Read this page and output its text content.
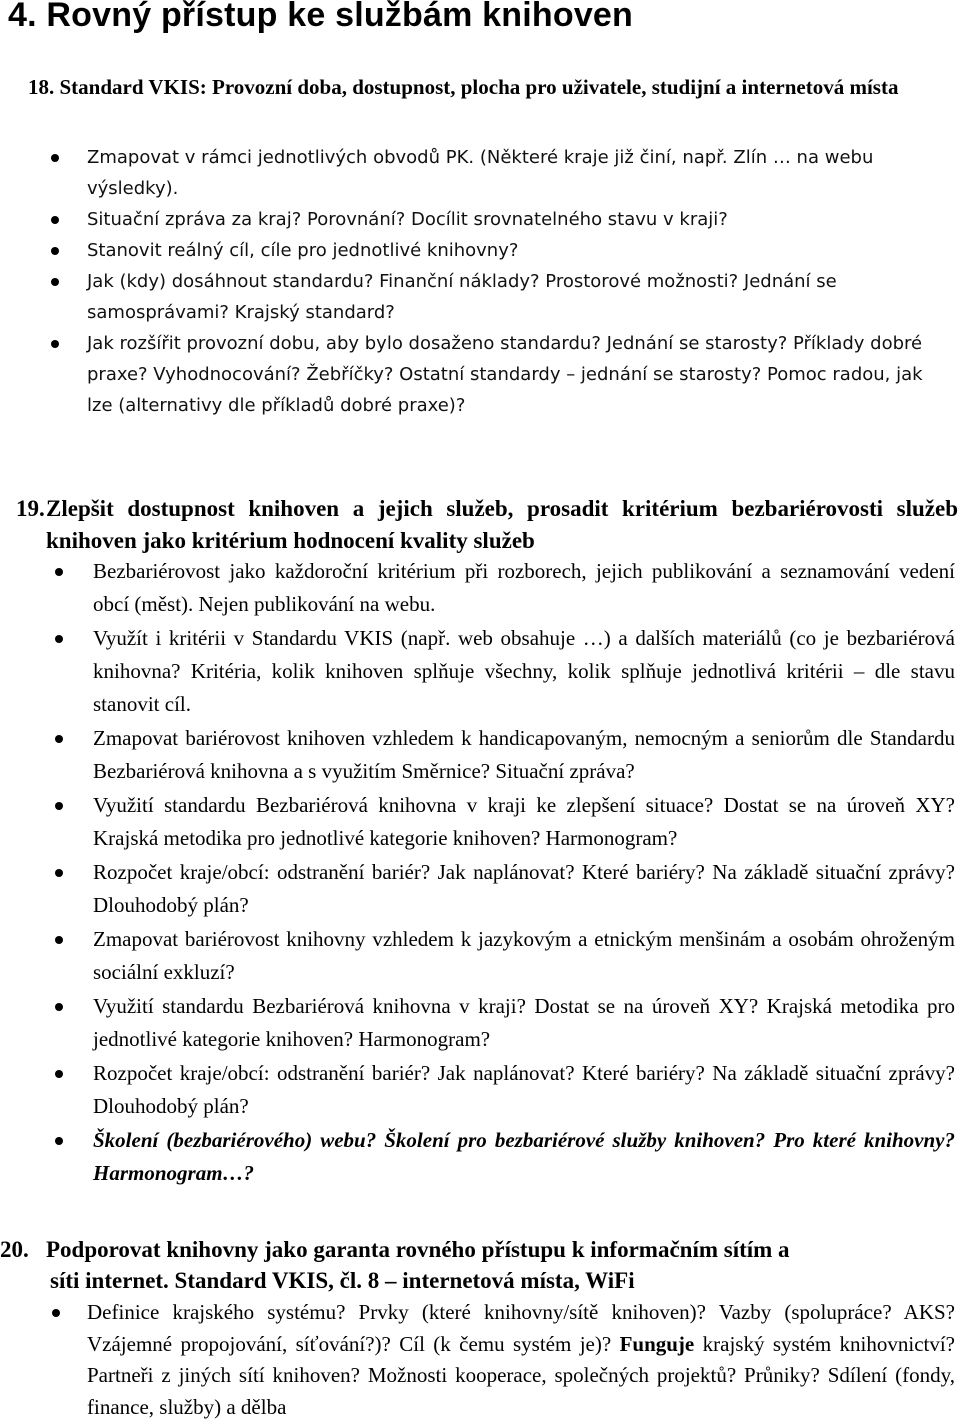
4. Rovný přístup ke službám knihoven

18. Standard VKIS: Provozní doba, dostupnost, plocha pro uživatele, studijní a internetová místa

Zmapovat v rámci jednotlivých obvodů PK. (Některé kraje již činí, např. Zlín … na webu výsledky).
Situační zpráva za kraj? Porovnání? Docílit srovnatelného stavu v kraji?
Stanovit reálný cíl, cíle pro jednotlivé knihovny?
Jak (kdy) dosáhnout standardu? Finanční náklady? Prostorové možnosti? Jednání se samosprávami? Krajský standard?
Jak rozšířit provozní dobu, aby bylo dosaženo standardu? Jednání se starosty? Příklady dobré praxe? Vyhodnocování? Žebříčky? Ostatní standardy – jednání se starosty? Pomoc radou, jak lze (alternativy dle příkladů dobré praxe)?

19. Zlepšit dostupnost knihoven a jejich služeb, prosadit kritérium bezbariérovosti služeb knihoven jako kritérium hodnocení kvality služeb

Bezbariérovost jako každoroční kritérium při rozborech, jejich publikování a seznamování vedení obcí (měst). Nejen publikování na webu.
Využít i kritérii v Standardu VKIS (např. web obsahuje …) a dalších materiálů (co je bezbariérová knihovna? Kritéria, kolik knihoven splňuje všechny, kolik splňuje jednotlivá kritérii – dle stavu stanovit cíl.
Zmapovat bariérovost knihoven vzhledem k handicapovaným, nemocným a seniorům dle Standardu Bezbariérová knihovna a s využitím Směrnice? Situační zpráva?
Využití standardu Bezbariérová knihovna v kraji ke zlepšení situace? Dostat se na úroveň XY? Krajská metodika pro jednotlivé kategorie knihoven? Harmonogram?
Rozpočet kraje/obcí: odstranění bariér? Jak naplánovat? Které bariéry? Na základě situační zprávy? Dlouhodobý plán?
Zmapovat bariérovost knihovny vzhledem k jazykovým a etnickým menšinám a osobám ohroženým sociální exkluzí?
Využití standardu Bezbariérová knihovna v kraji? Dostat se na úroveň XY? Krajská metodika pro jednotlivé kategorie knihoven? Harmonogram?
Rozpočet kraje/obcí: odstranění bariér? Jak naplánovat? Které bariéry? Na základě situační zprávy? Dlouhodobý plán?
Školení (bezbariérového) webu? Školení pro bezbariérové služby knihoven? Pro které knihovny? Harmonogram…?
20. Podporovat knihovny jako garanta rovného přístupu k informačním sítím a
síti internet. Standard VKIS, čl. 8 – internetová místa, WiFi
Definice krajského systému? Prvky (které knihovny/sítě knihoven)? Vazby (spolupráce? AKS? Vzájemné propojování, síťování?)? Cíl (k čemu systém je)? Funguje krajský systém knihovnictví? Partneři z jiných sítí knihoven? Možnosti kooperace, společných projektů? Průniky? Sdílení (fondy, finance, služby) a dělba
